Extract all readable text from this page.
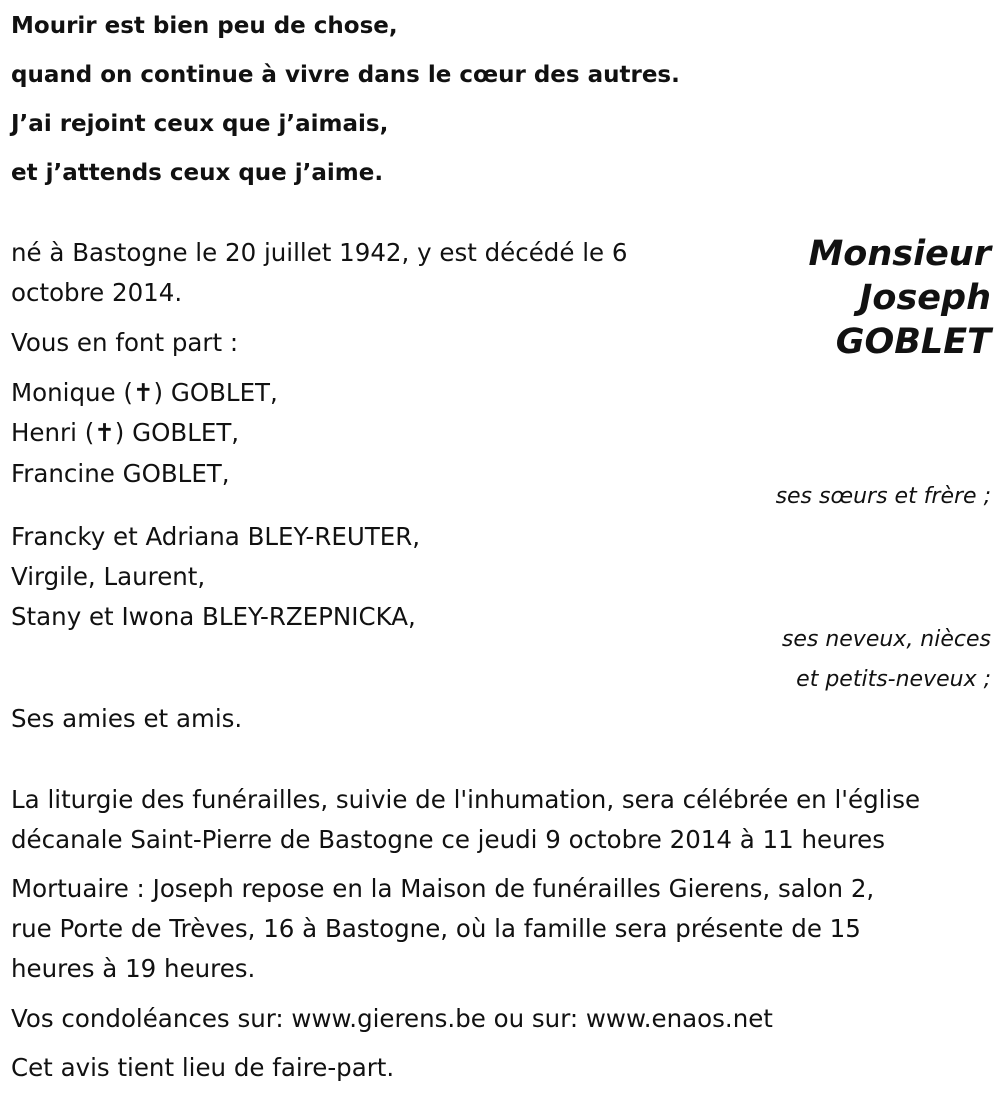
Mourir est bien peu de chose,
quand on continue à vivre dans le cœur des autres.
J’ai rejoint ceux que j’aimais,
et j’attends ceux que j’aime.
Monsieur
Joseph
GOBLET
né à Bastogne le 20 juillet 1942, y est décédé le 6
octobre 2014.
Vous en font part :
Monique (✝) GOBLET,
Henri (✝) GOBLET,
Francine GOBLET,
ses sœurs et frère ;
Francky et Adriana BLEY-REUTER,
Virgile, Laurent,
Stany et Iwona BLEY-RZEPNICKA,
ses neveux, nièces
et petits-neveux ;
Ses amies et amis.
La liturgie des funérailles, suivie de l'inhumation, sera célébrée en l'église
décanale Saint-Pierre de Bastogne ce jeudi 9 octobre 2014 à 11 heures
Mortuaire : Joseph repose en la Maison de funérailles Gierens, salon 2,
rue Porte de Trèves, 16 à Bastogne, où la famille sera présente de 15
heures à 19 heures.
Vos condoléances sur: www.gierens.be ou sur: www.enaos.net
Cet avis tient lieu de faire-part.
